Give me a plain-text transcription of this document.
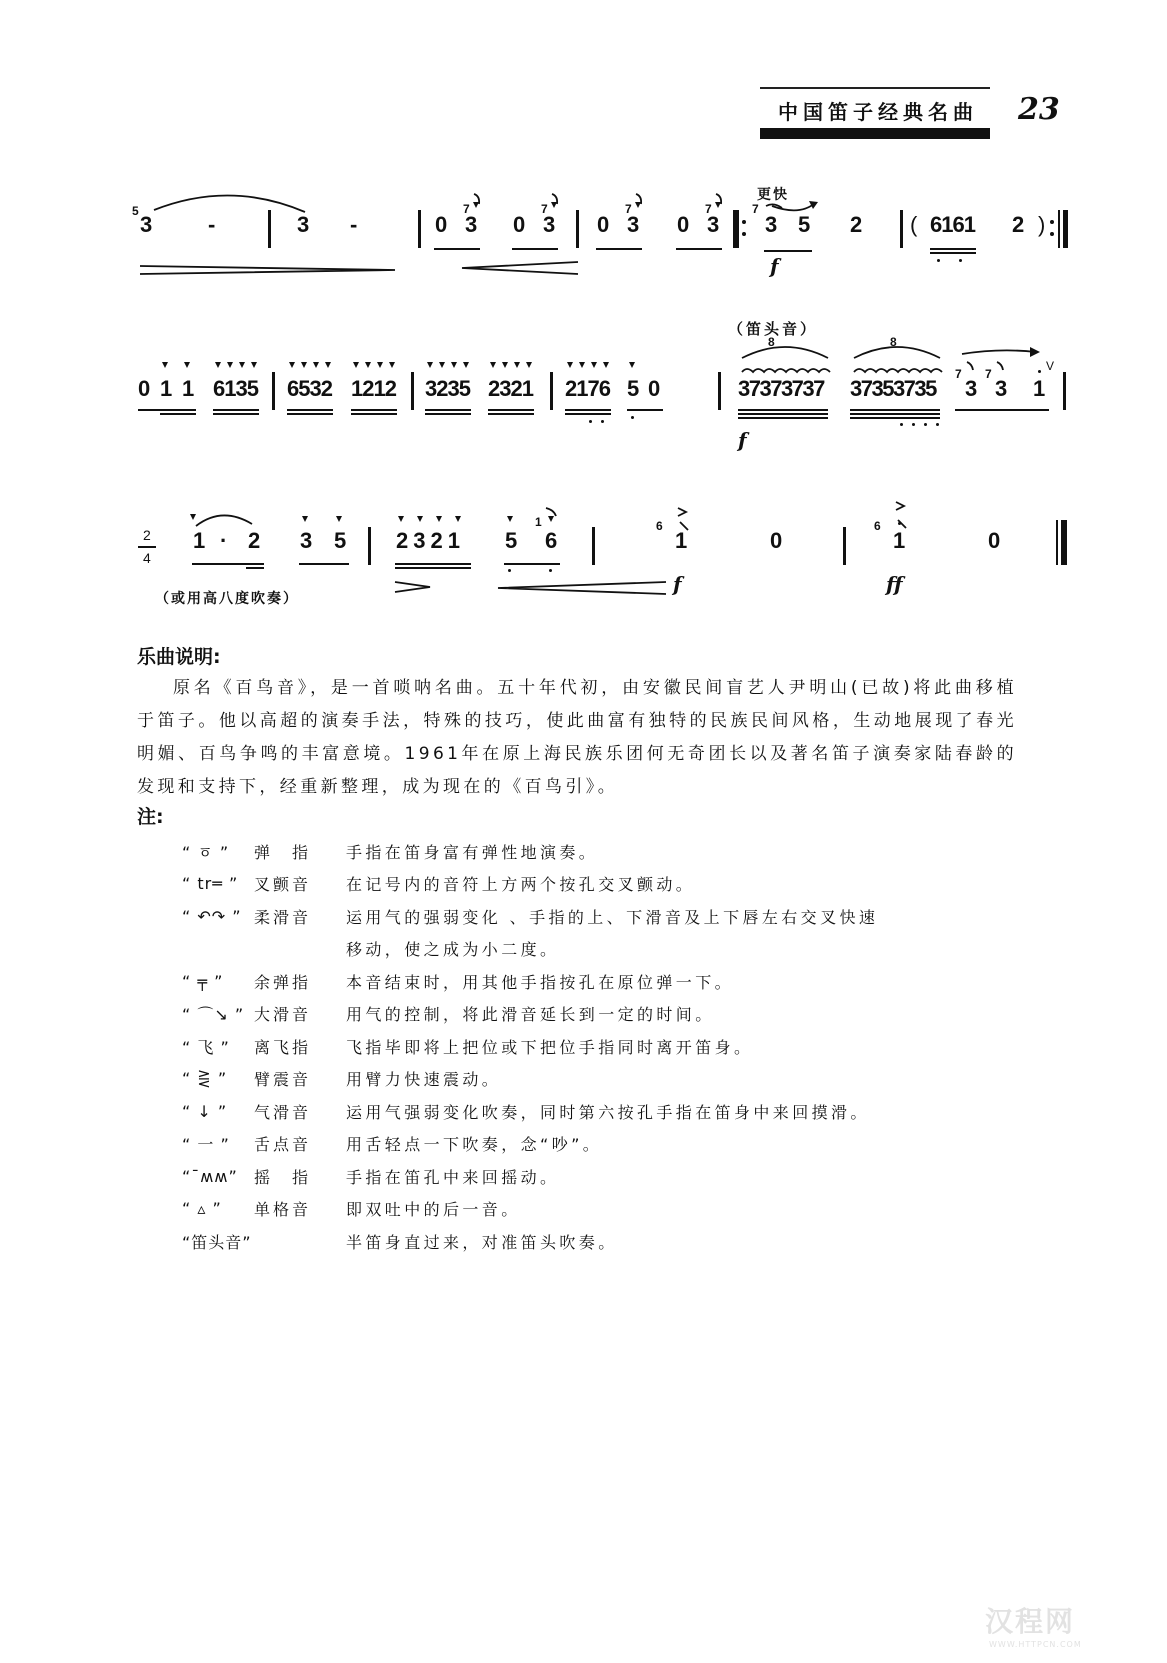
中国笛子经典名曲 23
5
3	-	3 -	0
7
3 0
7
3 0
7
3 0
7
3
更快
7
3 5
f
2 ( 6161 2 )
0 1 1 6135 6532 1212 3235 2321 2176 5 0
（笛头音）
8
37373737
f
8
37353735
7
3
7
3 1
V
2
4
1 · 2 3 5 2321 5
1
6
6
1
f
0
6
1
ff
0
（或用高八度吹奏）
乐曲说明:
原名《百鸟音》，是一首唢呐名曲。五十年代初，由安徽民间盲艺人尹明山(已故)将此曲移植于笛子。他以高超的演奏手法，特殊的技巧，使此曲富有独特的民族民间风格，生动地展现了春光明媚、百鸟争鸣的丰富意境。1961年在原上海民族乐团何无奇团长以及著名笛子演奏家陆春龄的发现和支持下，经重新整理，成为现在的《百鸟引》。
注:
“ ㆆ ”	弹　指	手指在笛身富有弹性地演奏。
“ tr═ ” 叉颤音	在记号内的音符上方两个按孔交叉颤动。
“ ↶↷ ” 柔滑音	运用气的强弱变化 、手指的上、下滑音及上下唇左右交叉快速
移动，使之成为小二度。
“ ╤ ”	余弹指	本音结束时，用其他手指按孔在原位弹一下。
“ ⌒↘ ” 大滑音	用气的控制，将此滑音延长到一定的时间。
“ 飞 ”	离飞指	飞指毕即将上把位或下把位手指同时离开笛身。
“ ⋛ ”	臂震音	用臂力快速震动。
“ ↓ ”	气滑音	运用气强弱变化吹奏，同时第六按孔手指在笛身中来回摸滑。
“ 一 ”	舌点音	用舌轻点一下吹奏，念“吵”。
“¯ʍʍ”	摇　指	手指在笛孔中来回摇动。
“ ▵ ”	单格音	即双吐中的后一音。
“笛头音”	半笛身直过来，对准笛头吹奏。
汉程网
WWW.HTTPCN.COM
